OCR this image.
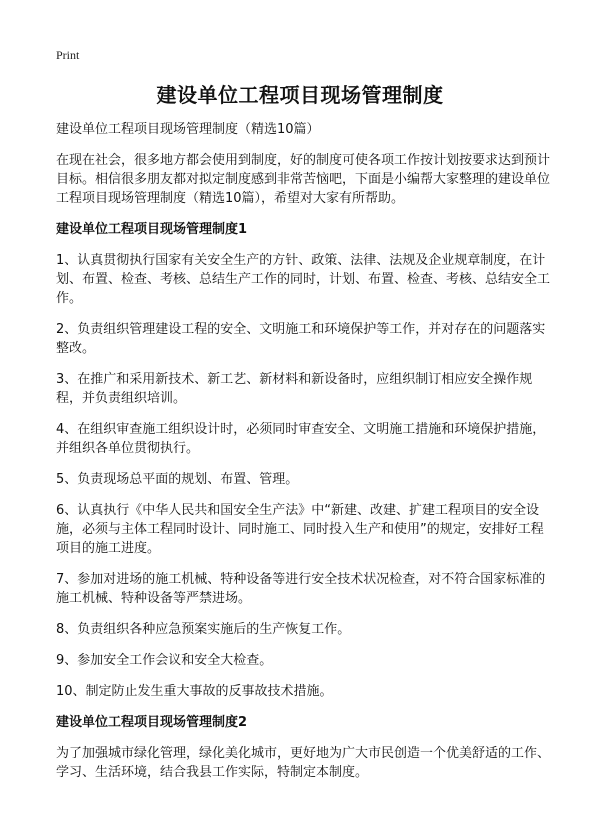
Print
建设单位工程项目现场管理制度

建设单位工程项目现场管理制度（精选10篇）

在现在社会，很多地方都会使用到制度，好的制度可使各项工作按计划按要求达到预计目标。相信很多朋友都对拟定制度感到非常苦恼吧，下面是小编帮大家整理的建设单位工程项目现场管理制度（精选10篇），希望对大家有所帮助。

建设单位工程项目现场管理制度1

1、认真贯彻执行国家有关安全生产的方针、政策、法律、法规及企业规章制度，在计划、布置、检查、考核、总结生产工作的同时，计划、布置、检查、考核、总结安全工作。

2、负责组织管理建设工程的安全、文明施工和环境保护等工作，并对存在的问题落实整改。

3、在推广和采用新技术、新工艺、新材料和新设备时，应组织制订相应安全操作规程，并负责组织培训。

4、在组织审查施工组织设计时，必须同时审查安全、文明施工措施和环境保护措施，并组织各单位贯彻执行。

5、负责现场总平面的规划、布置、管理。

6、认真执行《中华人民共和国安全生产法》中“新建、改建、扩建工程项目的安全设施，必须与主体工程同时设计、同时施工、同时投入生产和使用”的规定，安排好工程项目的施工进度。

7、参加对进场的施工机械、特种设备等进行安全技术状况检查，对不符合国家标准的施工机械、特种设备等严禁进场。

8、负责组织各种应急预案实施后的生产恢复工作。

9、参加安全工作会议和安全大检查。

10、制定防止发生重大事故的反事故技术措施。

建设单位工程项目现场管理制度2

为了加强城市绿化管理，绿化美化城市，更好地为广大市民创造一个优美舒适的工作、学习、生活环境，结合我县工作实际，特制定本制度。
